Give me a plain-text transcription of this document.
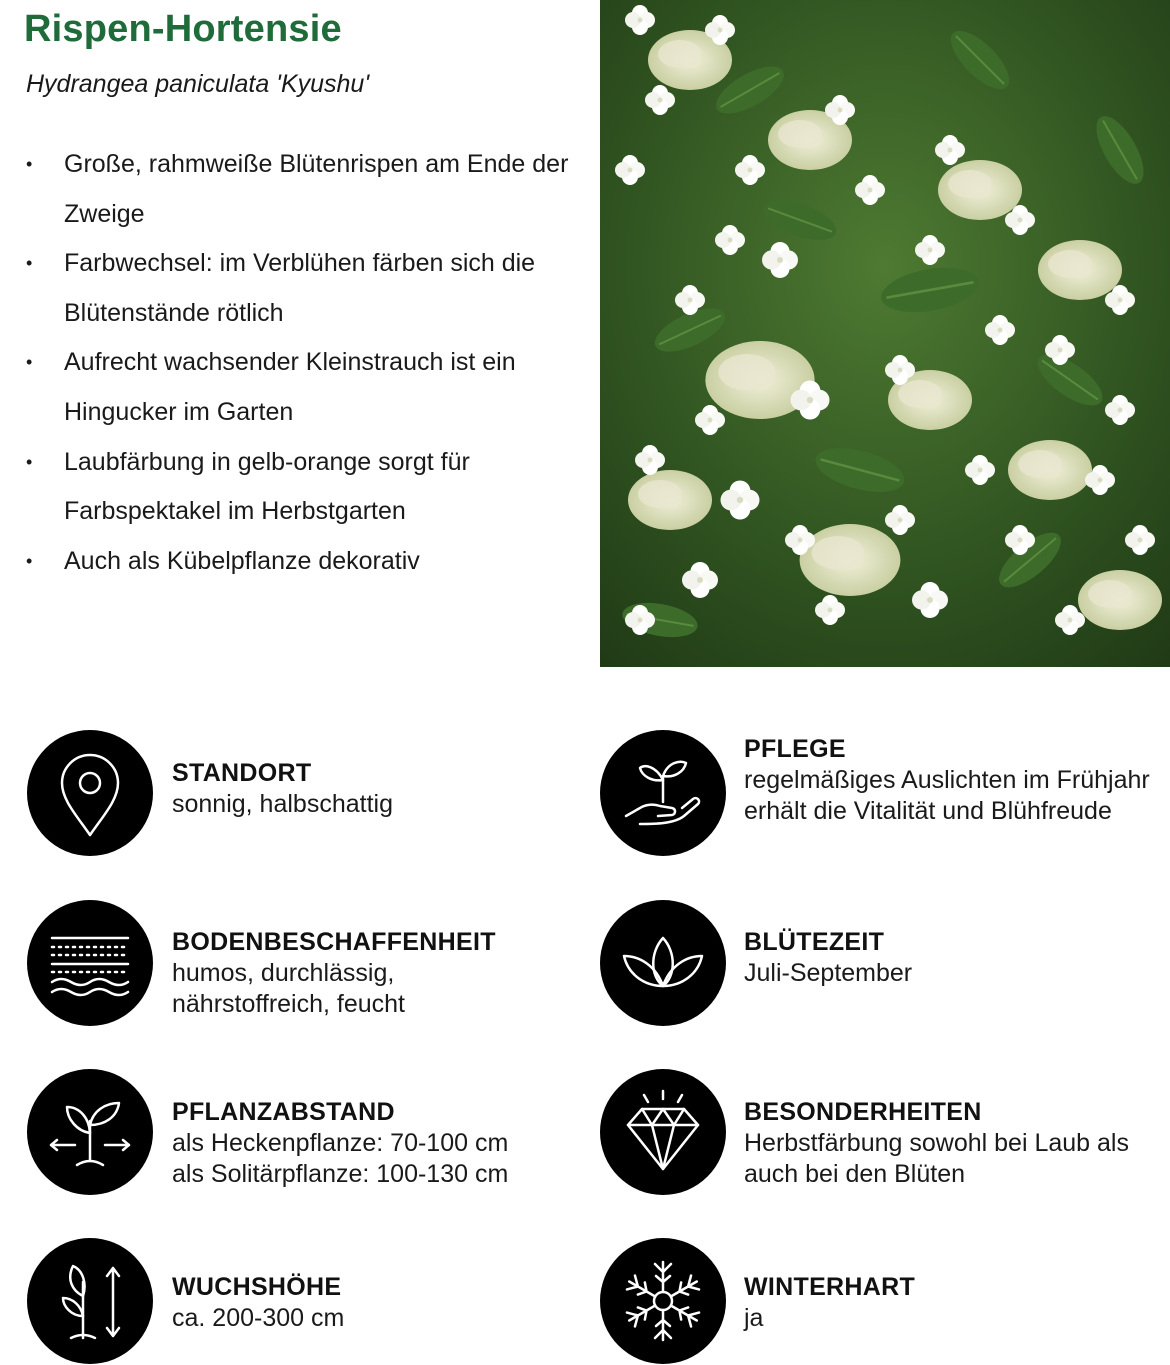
Rispen-Hortensie

Hydrangea paniculata 'Kyushu'

• Große, rahmweiße Blütenrispen am Ende der Zweige
• Farbwechsel: im Verblühen färben sich die Blütenstände rötlich
• Aufrecht wachsender Kleinstrauch ist ein Hingucker im Garten
• Laubfärbung in gelb-orange sorgt für Farbspektakel im Herbstgarten
• Auch als Kübelpflanze dekorativ
STANDORT
sonnig, halbschattig
PFLEGE
regelmäßiges Auslichten im Frühjahr erhält die Vitalität und Blühfreude
BODENBESCHAFFENHEIT
humos, durchlässig, nährstoffreich, feucht
BLÜTEZEIT
Juli-September
PFLANZABSTAND
als Heckenpflanze: 70-100 cm
als Solitärpflanze: 100-130 cm
BESONDERHEITEN
Herbstfärbung sowohl bei Laub als auch bei den Blüten
WUCHSHÖHE
ca. 200-300 cm
WINTERHART
ja
